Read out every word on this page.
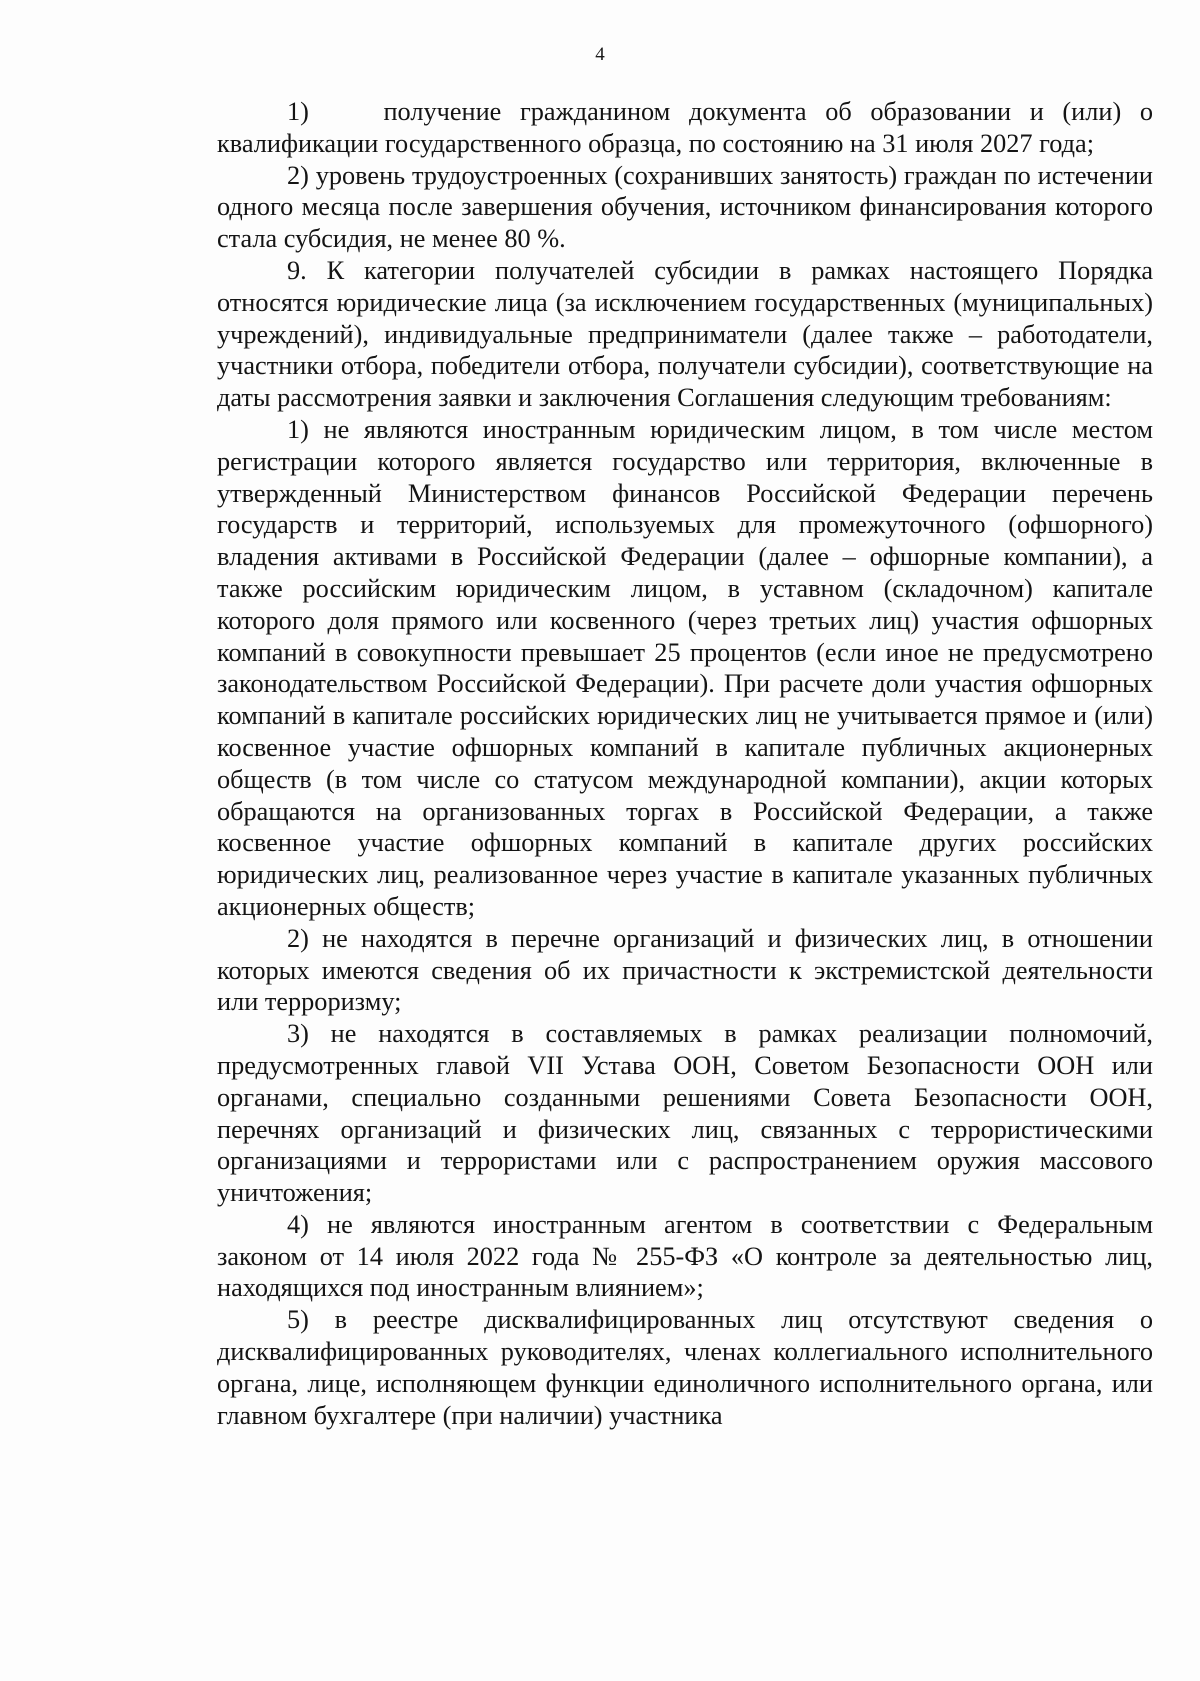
4

1)    получение гражданином документа об образовании и (или) о квалификации государственного образца, по состоянию на 31 июля 2027 года;

2) уровень трудоустроенных (сохранивших занятость) граждан по истечении одного месяца после завершения обучения, источником финансирования которого стала субсидия, не менее 80 %.

9. К категории получателей субсидии в рамках настоящего Порядка относятся юридические лица (за исключением государственных (муниципальных) учреждений), индивидуальные предприниматели (далее также – работодатели, участники отбора, победители отбора, получатели субсидии), соответствующие на даты рассмотрения заявки и заключения Соглашения следующим требованиям:

1) не являются иностранным юридическим лицом, в том числе местом регистрации которого является государство или территория, включенные в утвержденный Министерством финансов Российской Федерации перечень государств и территорий, используемых для промежуточного (офшорного) владения активами в Российской Федерации (далее – офшорные компании), а также российским юридическим лицом, в уставном (складочном) капитале которого доля прямого или косвенного (через третьих лиц) участия офшорных компаний в совокупности превышает 25 процентов (если иное не предусмотрено законодательством Российской Федерации). При расчете доли участия офшорных компаний в капитале российских юридических лиц не учитывается прямое и (или) косвенное участие офшорных компаний в капитале публичных акционерных обществ (в том числе со статусом международной компании), акции которых обращаются на организованных торгах в Российской Федерации, а также косвенное участие офшорных компаний в капитале других российских юридических лиц, реализованное через участие в капитале указанных публичных акционерных обществ;

2) не находятся в перечне организаций и физических лиц, в отношении которых имеются сведения об их причастности к экстремистской деятельности или терроризму;

3) не находятся в составляемых в рамках реализации полномочий, предусмотренных главой VII Устава ООН, Советом Безопасности ООН или органами, специально созданными решениями Совета Безопасности ООН, перечнях организаций и физических лиц, связанных с террористическими организациями и террористами или с распространением оружия массового уничтожения;

4) не являются иностранным агентом в соответствии с Федеральным законом от 14 июля 2022 года № 255-ФЗ «О контроле за деятельностью лиц, находящихся под иностранным влиянием»;

5) в реестре дисквалифицированных лиц отсутствуют сведения о дисквалифицированных руководителях, членах коллегиального исполнительного органа, лице, исполняющем функции единоличного исполнительного органа, или главном бухгалтере (при наличии) участника
